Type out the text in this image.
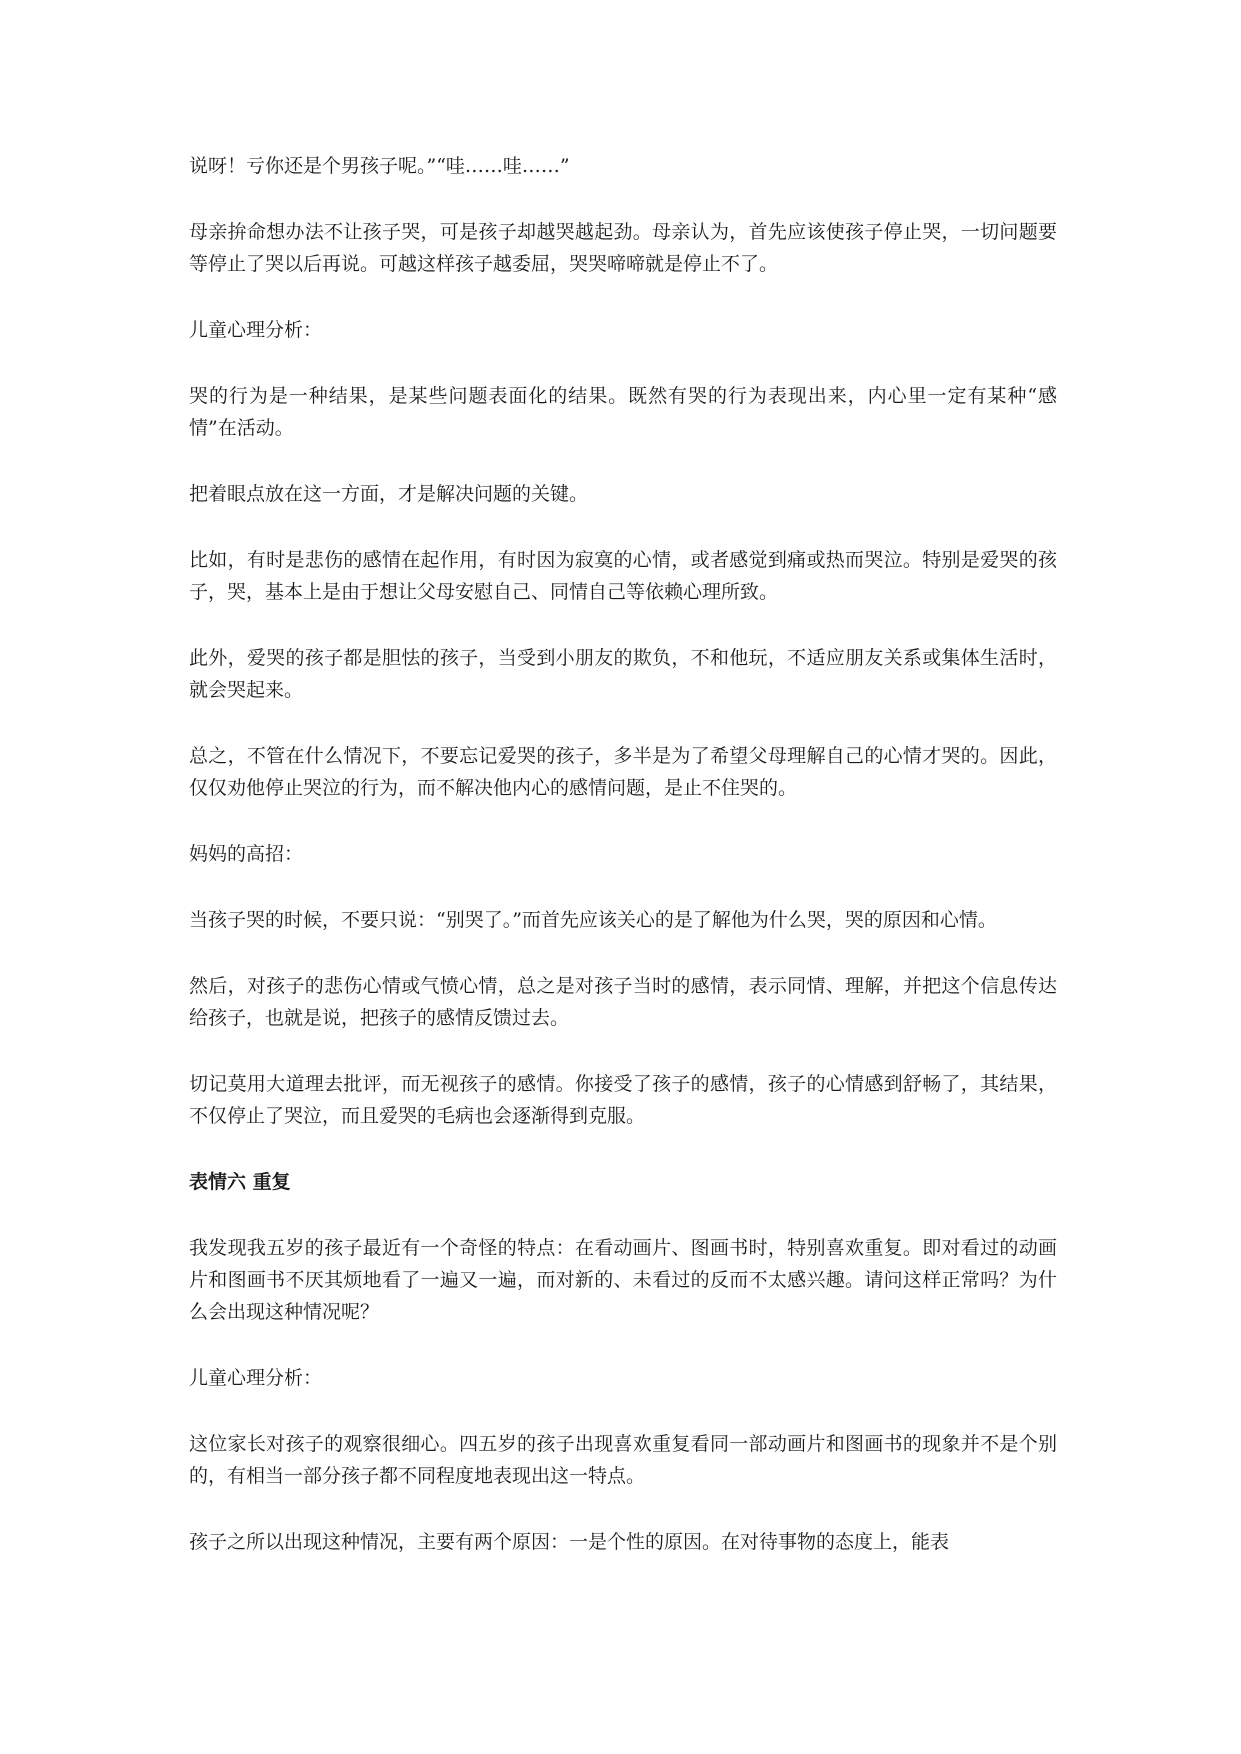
说呀！亏你还是个男孩子呢。”“哇……哇……”

母亲拚命想办法不让孩子哭，可是孩子却越哭越起劲。母亲认为，首先应该使孩子停止哭，一切问题要等停止了哭以后再说。可越这样孩子越委屈，哭哭啼啼就是停止不了。

儿童心理分析：

哭的行为是一种结果，是某些问题表面化的结果。既然有哭的行为表现出来，内心里一定有某种“感情”在活动。

把着眼点放在这一方面，才是解决问题的关键。

比如，有时是悲伤的感情在起作用，有时因为寂寞的心情，或者感觉到痛或热而哭泣。特别是爱哭的孩子，哭，基本上是由于想让父母安慰自己、同情自己等依赖心理所致。

此外，爱哭的孩子都是胆怯的孩子，当受到小朋友的欺负，不和他玩，不适应朋友关系或集体生活时，就会哭起来。

总之，不管在什么情况下，不要忘记爱哭的孩子，多半是为了希望父母理解自己的心情才哭的。因此，仅仅劝他停止哭泣的行为，而不解决他内心的感情问题，是止不住哭的。

妈妈的高招：

当孩子哭的时候，不要只说：“别哭了。”而首先应该关心的是了解他为什么哭，哭的原因和心情。

然后，对孩子的悲伤心情或气愤心情，总之是对孩子当时的感情，表示同情、理解，并把这个信息传达给孩子，也就是说，把孩子的感情反馈过去。

切记莫用大道理去批评，而无视孩子的感情。你接受了孩子的感情，孩子的心情感到舒畅了，其结果，不仅停止了哭泣，而且爱哭的毛病也会逐渐得到克服。

表情六 重复

我发现我五岁的孩子最近有一个奇怪的特点：在看动画片、图画书时，特别喜欢重复。即对看过的动画片和图画书不厌其烦地看了一遍又一遍，而对新的、未看过的反而不太感兴趣。请问这样正常吗？为什么会出现这种情况呢？

儿童心理分析：

这位家长对孩子的观察很细心。四五岁的孩子出现喜欢重复看同一部动画片和图画书的现象并不是个别的，有相当一部分孩子都不同程度地表现出这一特点。

孩子之所以出现这种情况，主要有两个原因：一是个性的原因。在对待事物的态度上，能表
